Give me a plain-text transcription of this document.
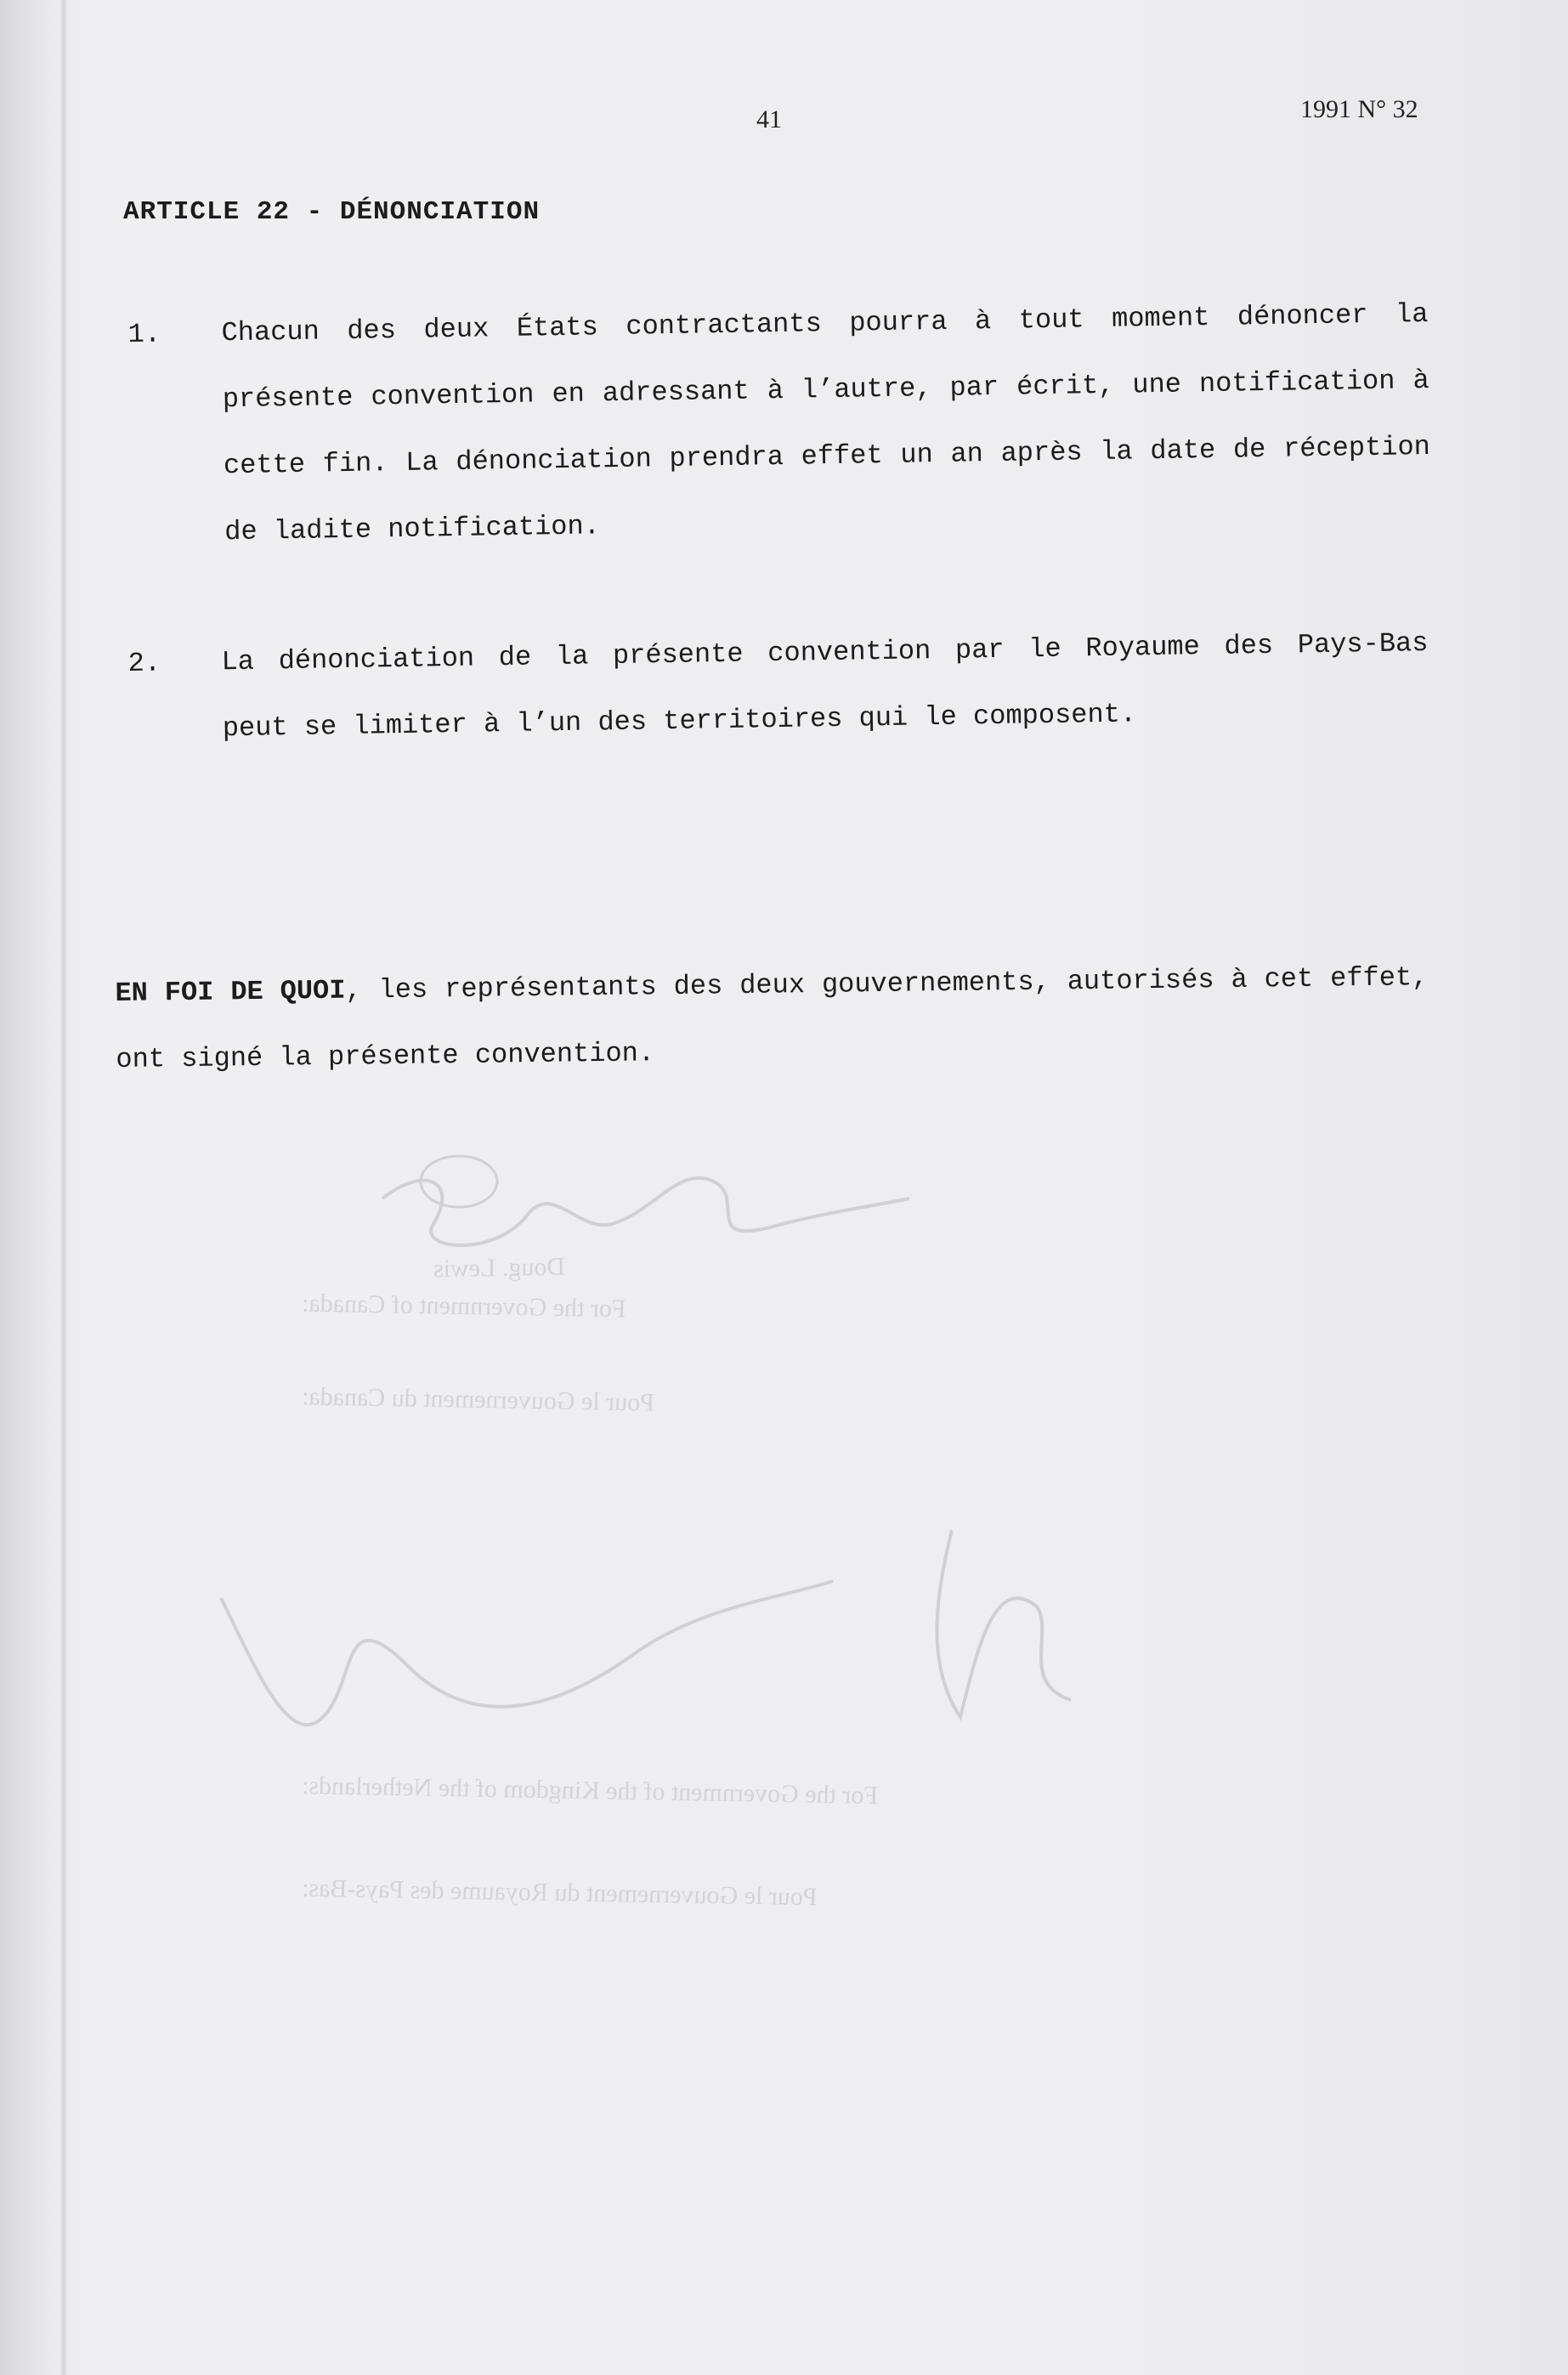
Doug. Lewis
For the Government of Canada:
Pour le Gouvernement du Canada:
For the Government of the Kingdom of the Netherlands:
Pour le Gouvernement du Royaume des Pays-Bas:
41	1991 N° 32
ARTICLE 22 - DÉNONCIATION
1. Chacun des deux États contractants pourra à tout moment dénoncer la présente convention en adressant à l’autre, par écrit, une notification à cette fin. La dénonciation prendra effet un an après la date de réception de ladite notification.
2. La dénonciation de la présente convention par le Royaume des Pays-Bas peut se limiter à l’un des territoires qui le composent.
EN FOI DE QUOI, les représentants des deux gouvernements, autorisés à cet effet, ont signé la présente convention.
